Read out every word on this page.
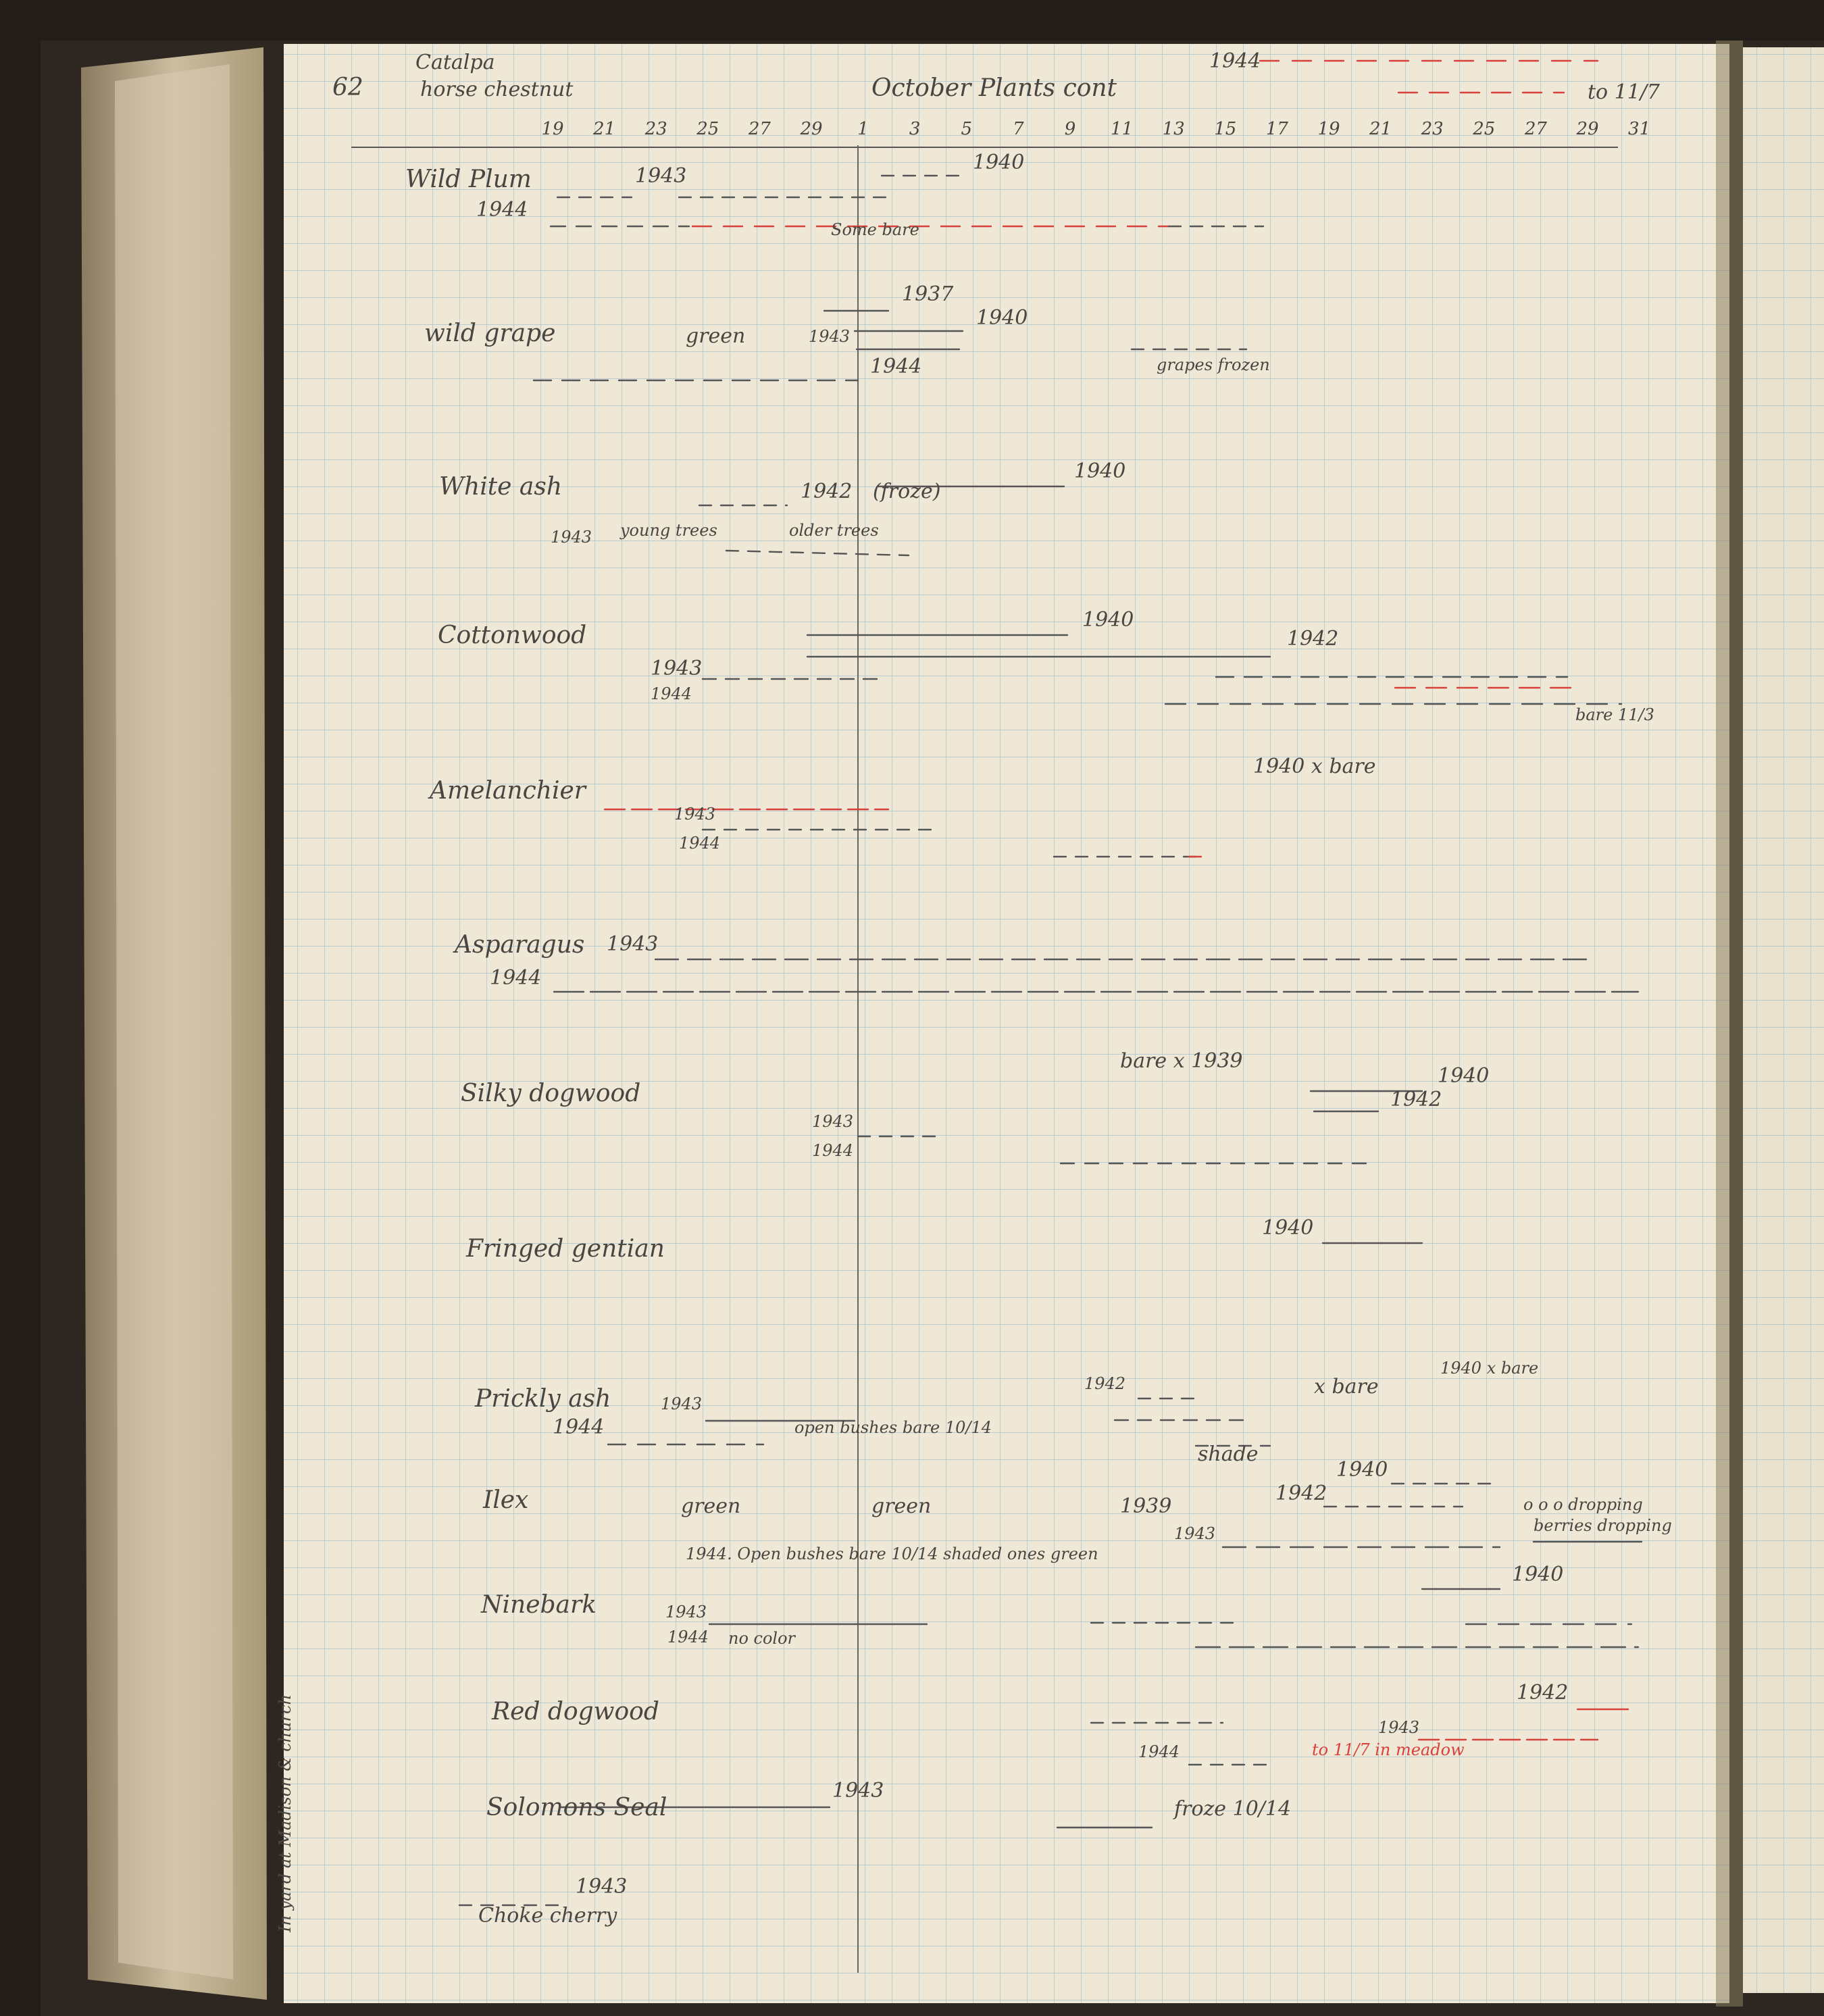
62
Catalpa
horse chestnut	October Plants cont
1944
to 11/7
19 21 23 25 27 29 1 3 5 7 9 11 13 15 17 19 21 23 25 27 29 31
Wild Plum	1943
1940
1944
Some bare
1937
1940
wild grape	green	1943
1944	grapes frozen
White ash	1942 (froze)
1940
1943 young trees	older trees
Cottonwood
1940
1942
1943
1944
bare 11/3
1940 x bare
Amelanchier
1943
1944
Asparagus 1943
1944
bare x 1939
1940
1942
Silky dogwood
1943
1944
1940
Fringed gentian
1940 x bare
1942	x bare
Prickly ash	1943
1944	open bushes bare 10/14
shade
1940
1942
Ilex	green	green	1939
1943
o o o dropping
berries dropping
1944. Open bushes bare 10/14 shaded ones green
1940
Ninebark	1943
1944 no color
1942
Red dogwood
1943
1944
1943
Solomons Seal	froze 10/14
1943
Choke cherry
to 11/7 in meadow
In yard at Madison & church
